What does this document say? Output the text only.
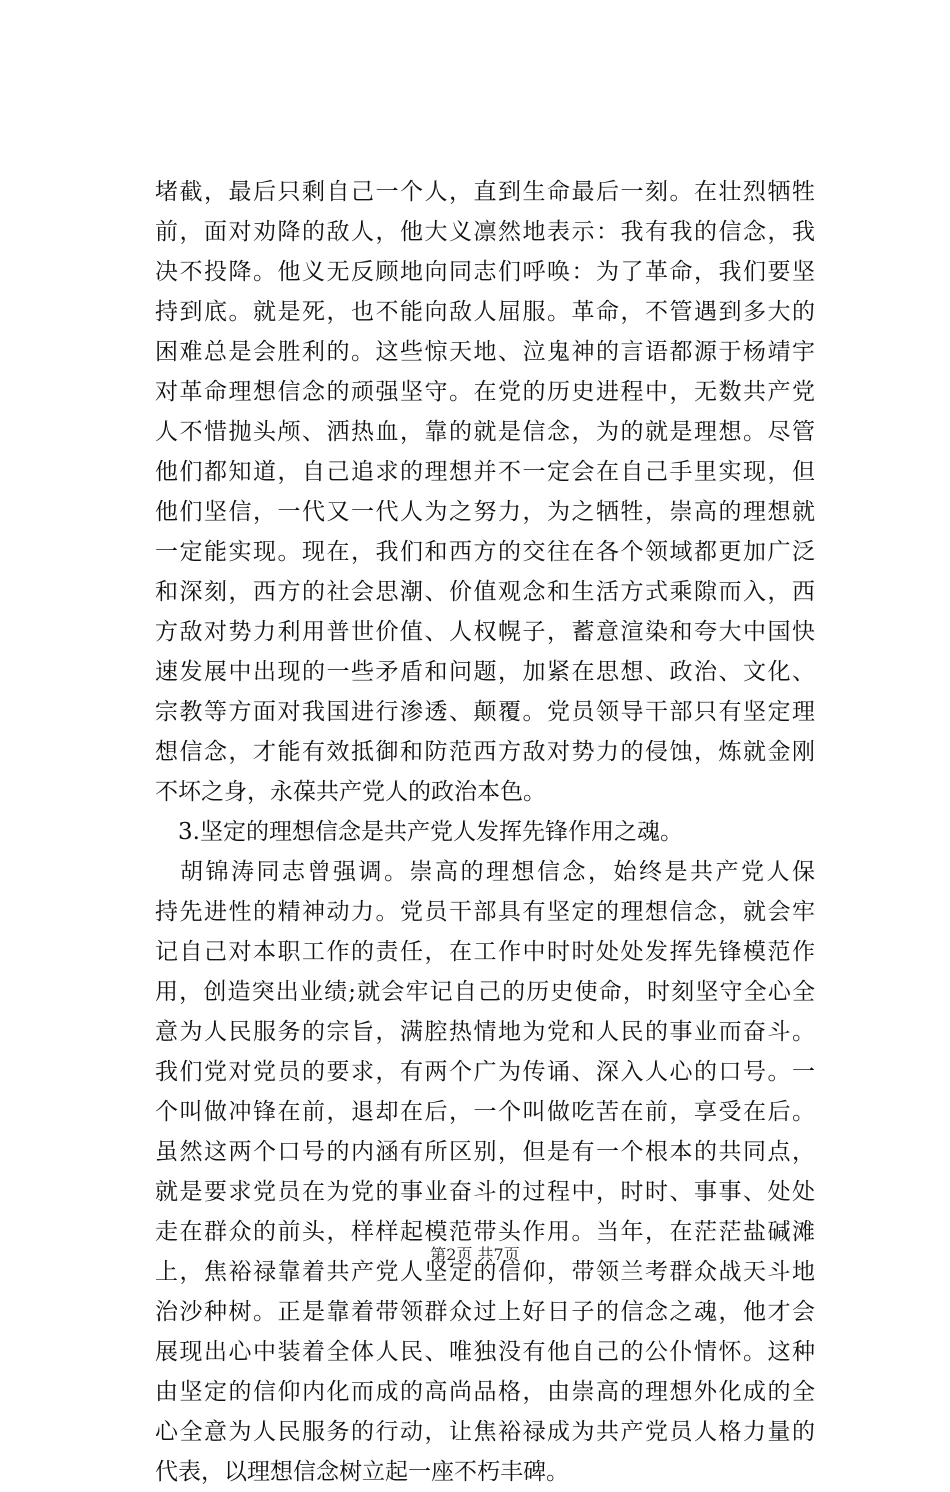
堵截，最后只剩自己一个人，直到生命最后一刻。在壮烈牺牲
前，面对劝降的敌人，他大义凛然地表示：我有我的信念，我
决不投降。他义无反顾地向同志们呼唤：为了革命，我们要坚
持到底。就是死，也不能向敌人屈服。革命，不管遇到多大的
困难总是会胜利的。这些惊天地、泣鬼神的言语都源于杨靖宇
对革命理想信念的顽强坚守。在党的历史进程中，无数共产党
人不惜抛头颅、洒热血，靠的就是信念，为的就是理想。尽管
他们都知道，自己追求的理想并不一定会在自己手里实现，但
他们坚信，一代又一代人为之努力，为之牺牲，崇高的理想就
一定能实现。现在，我们和西方的交往在各个领域都更加广泛
和深刻，西方的社会思潮、价值观念和生活方式乘隙而入，西
方敌对势力利用普世价值、人权幌子，蓄意渲染和夸大中国快
速发展中出现的一些矛盾和问题，加紧在思想、政治、文化、
宗教等方面对我国进行渗透、颠覆。党员领导干部只有坚定理
想信念，才能有效抵御和防范西方敌对势力的侵蚀，炼就金刚
不坏之身，永葆共产党人的政治本色。
3.坚定的理想信念是共产党人发挥先锋作用之魂。
胡锦涛同志曾强调。崇高的理想信念，始终是共产党人保
持先进性的精神动力。党员干部具有坚定的理想信念，就会牢
记自己对本职工作的责任，在工作中时时处处发挥先锋模范作
用，创造突出业绩;就会牢记自己的历史使命，时刻坚守全心全
意为人民服务的宗旨，满腔热情地为党和人民的事业而奋斗。
我们党对党员的要求，有两个广为传诵、深入人心的口号。一
个叫做冲锋在前，退却在后，一个叫做吃苦在前，享受在后。
虽然这两个口号的内涵有所区别，但是有一个根本的共同点，
就是要求党员在为党的事业奋斗的过程中，时时、事事、处处
走在群众的前头，样样起模范带头作用。当年，在茫茫盐碱滩
上，焦裕禄靠着共产党人坚定的信仰，带领兰考群众战天斗地
治沙种树。正是靠着带领群众过上好日子的信念之魂，他才会
展现出心中装着全体人民、唯独没有他自己的公仆情怀。这种
由坚定的信仰内化而成的高尚品格，由崇高的理想外化成的全
心全意为人民服务的行动，让焦裕禄成为共产党员人格力量的
代表，以理想信念树立起一座不朽丰碑。
第2页 共7页
